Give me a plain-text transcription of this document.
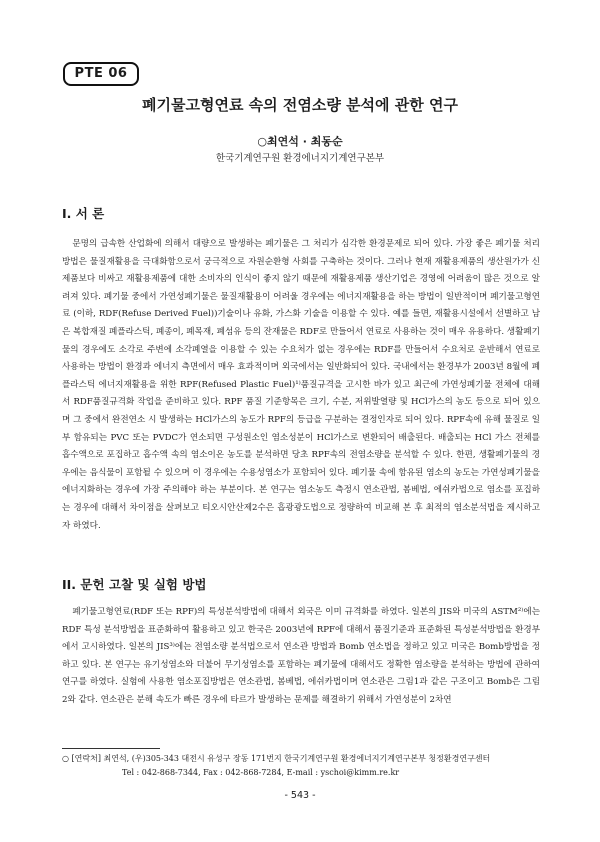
PTE 06
폐기물고형연료 속의 전염소량 분석에 관한 연구
○최연석 · 최동순
한국기계연구원 환경에너지기계연구본부
I. 서 론

문명의 급속한 산업화에 의해서 대량으로 발생하는 폐기물은 그 처리가 심각한 환경문제로 되어 있다. 가장 좋은 폐기물 처리방법은 물질재활용을 극대화함으로서 궁극적으로 자원순환형 사회를 구축하는 것이다. 그러나 현재 재활용제품의 생산원가가 신제품보다 비싸고 재활용제품에 대한 소비자의 인식이 좋지 않기 때문에 재활용제품 생산기업은 경영에 어려움이 많은 것으로 알려져 있다. 폐기물 중에서 가연성폐기물은 물질재활용이 어려울 경우에는 에너지재활용을 하는 방법이 일반적이며 폐기물고형연료 (이하, RDF(Refuse Derived Fuel))기술이나 유화, 가스화 기술을 이용할 수 있다. 예를 들면, 재활용시설에서 선별하고 남은 복합재질 폐플라스틱, 폐종이, 폐목재, 폐섬유 등의 잔재물은 RDF로 만들어서 연료로 사용하는 것이 매우 유용하다. 생활폐기물의 경우에도 소각로 주변에 소각폐열을 이용할 수 있는 수요처가 없는 경우에는 RDF를 만들어서 수요처로 운반해서 연료로 사용하는 방법이 환경과 에너지 측면에서 매우 효과적이며 외국에서는 일반화되어 있다. 국내에서는 환경부가 2003년 8월에 폐플라스틱 에너지재활용을 위한 RPF(Refused Plastic Fuel)¹⁾품질규격을 고시한 바가 있고 최근에 가연성폐기물 전체에 대해서 RDF품질규격화 작업을 준비하고 있다. RPF 품질 기준항목은 크기, 수분, 저위발열량 및 HCl가스의 농도 등으로 되어 있으며 그 중에서 완전연소 시 발생하는 HCl가스의 농도가 RPF의 등급을 구분하는 결정인자로 되어 있다. RPF속에 유해 물질로 일부 함유되는 PVC 또는 PVDC가 연소되면 구성원소인 염소성분이 HCl가스로 변환되어 배출된다. 배출되는 HCl 가스 전체를 흡수액으로 포집하고 흡수액 속의 염소이온 농도를 분석하면 당초 RPF속의 전염소량을 분석할 수 있다. 한편, 생활폐기물의 경우에는 음식물이 포함될 수 있으며 이 경우에는 수용성염소가 포함되어 있다. 폐기물 속에 함유된 염소의 농도는 가연성폐기물을 에너지화하는 경우에 가장 주의해야 하는 부분이다. 본 연구는 염소농도 측정시 연소관법, 봄베법, 에쉬카법으로 염소를 포집하는 경우에 대해서 차이점을 살펴보고 티오시안산제2수은 흡광광도법으로 정량하여 비교해 본 후 최적의 염소분석법을 제시하고자 하였다.

II. 문헌 고찰 및 실험 방법

폐기물고형연료(RDF 또는 RPF)의 특성분석방법에 대해서 외국은 이미 규격화를 하였다. 일본의 JIS와 미국의 ASTM²⁾에는 RDF 특성 분석방법을 표준화하여 활용하고 있고 한국은 2003년에 RPF에 대해서 품질기준과 표준화된 특성분석방법을 환경부에서 고시하였다. 일본의 JIS³⁾에는 전염소량 분석법으로서 연소관 방법과 Bomb 연소법을 정하고 있고 미국은 Bomb방법을 정하고 있다. 본 연구는 유기성염소와 더불어 무기성염소를 포함하는 폐기물에 대해서도 정확한 염소량을 분석하는 방법에 관하여 연구를 하였다. 실험에 사용한 염소포집방법은 연소관법, 봄베법, 에쉬카법이며 연소관은 그림1과 같은 구조이고 Bomb은 그림2와 같다. 연소관은 분해 속도가 빠른 경우에 타르가 발생하는 문제를 해결하기 위해서 가연성분이 2차연

○ [연락처] 최연석, (우)305-343 대전시 유성구 장동 171번지 한국기계연구원 환경에너지기계연구본부 청정환경연구센터
Tel : 042-868-7344, Fax : 042-868-7284, E-mail : yschoi@kimm.re.kr
- 543 -
